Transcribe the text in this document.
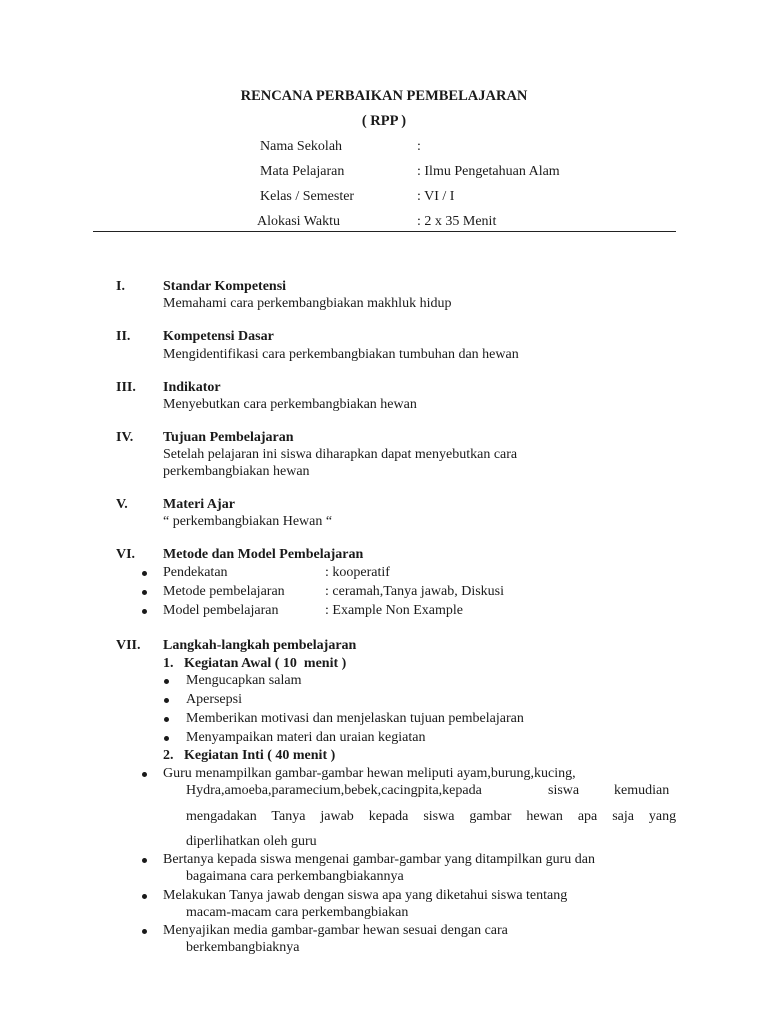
RENCANA PERBAIKAN PEMBELAJARAN
( RPP )
Nama Sekolah	:
Mata Pelajaran	: Ilmu Pengetahuan Alam
Kelas / Semester	: VI / I
Alokasi Waktu	: 2 x 35 Menit
I.	Standar Kompetensi
Memahami cara perkembangbiakan makhluk hidup
II. Kompetensi Dasar
Mengidentifikasi cara perkembangbiakan tumbuhan dan hewan
III. Indikator
Menyebutkan cara perkembangbiakan hewan
IV. Tujuan Pembelajaran
Setelah pelajaran ini siswa diharapkan dapat menyebutkan cara
perkembangbiakan hewan
V.	Materi Ajar
“ perkembangbiakan Hewan “
VI. Metode dan Model Pembelajaran
Pendekatan	: kooperatif
Metode pembelajaran	: ceramah,Tanya jawab, Diskusi
Model pembelajaran	: Example Non Example
VII. Langkah-langkah pembelajaran
1.   Kegiatan Awal ( 10  menit )
Mengucapkan salam
Apersepsi
Memberikan motivasi dan menjelaskan tujuan pembelajaran
Menyampaikan materi dan uraian kegiatan
2.   Kegiatan Inti ( 40 menit )
Guru menampilkan gambar-gambar hewan meliputi ayam,burung,kucing,
Hydra,amoeba,paramecium,bebek,cacingpita,kepada	siswa kemudian
mengadakan Tanya jawab kepada siswa gambar hewan apa saja yang
diperlihatkan oleh guru
Bertanya kepada siswa mengenai gambar-gambar yang ditampilkan guru dan
bagaimana cara perkembangbiakannya
Melakukan Tanya jawab dengan siswa apa yang diketahui siswa tentang
macam-macam cara perkembangbiakan
Menyajikan media gambar-gambar hewan sesuai dengan cara
berkembangbiaknya
